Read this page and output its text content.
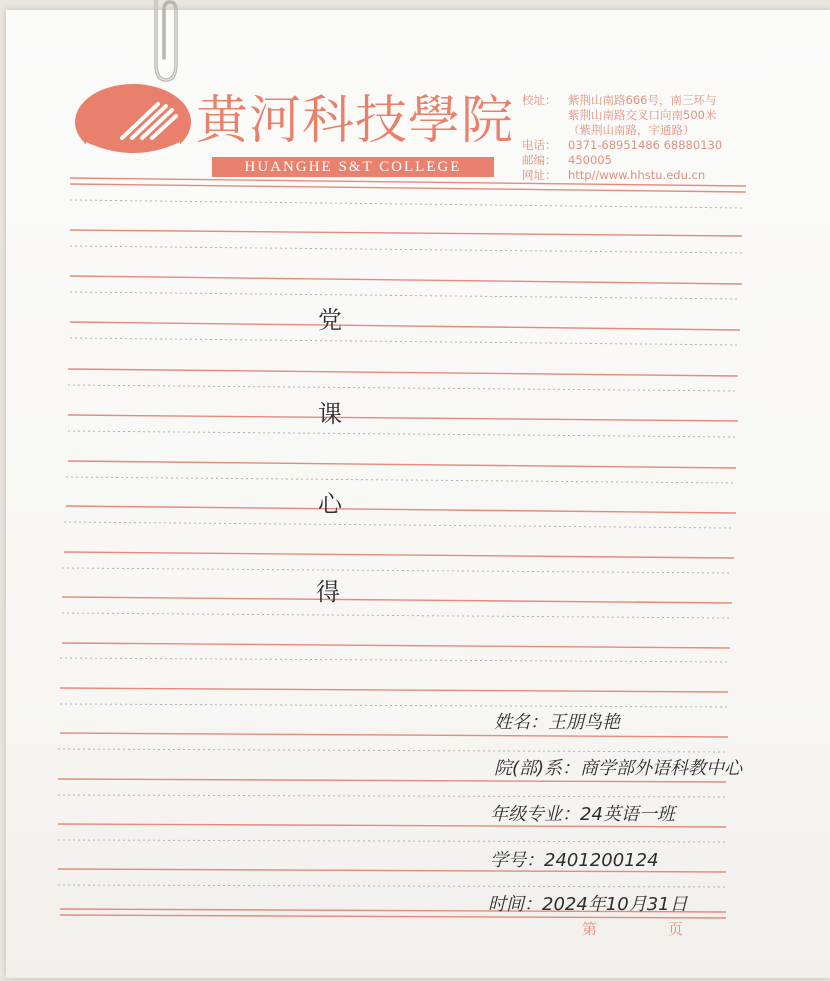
黄河科技學院
HUANGHE S&T COLLEGE
校址：	紫荆山南路666号，南三环与
紫荆山南路交叉口向南500米
（紫荆山南路，宇通路）
电话：	0371-68951486 68880130
邮编：	450005
网址：	http//www.hhstu.edu.cn
党
课
心
得
姓名：王朋鸟艳
院(部)系：商学部外语科教中心
年级专业：24英语一班
学号：2401200124
时间：2024年10月31日
第	页
